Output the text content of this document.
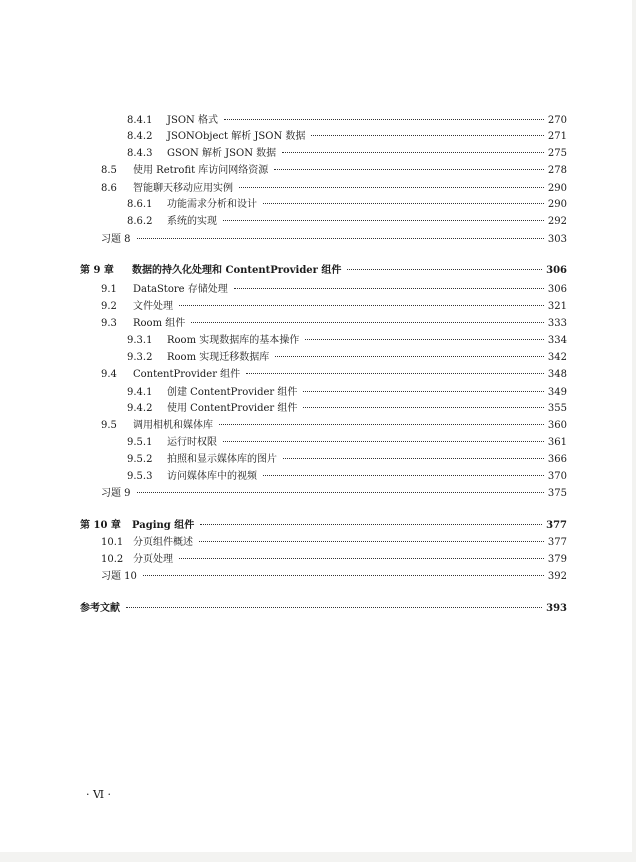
8.4.1	JSON 格式	270
8.4.2	JSONObject 解析 JSON 数据	271
8.4.3	GSON 解析 JSON 数据	275
8.5	使用 Retrofit 库访问网络资源	278
8.6	智能聊天移动应用实例	290
8.6.1	功能需求分析和设计	290
8.6.2	系统的实现	292
习题 8	303
第 9 章	数据的持久化处理和 ContentProvider 组件	306
9.1	DataStore 存储处理	306
9.2	文件处理	321
9.3	Room 组件	333
9.3.1	Room 实现数据库的基本操作	334
9.3.2	Room 实现迁移数据库	342
9.4	ContentProvider 组件	348
9.4.1	创建 ContentProvider 组件	349
9.4.2	使用 ContentProvider 组件	355
9.5	调用相机和媒体库	360
9.5.1	运行时权限	361
9.5.2	拍照和显示媒体库的图片	366
9.5.3	访问媒体库中的视频	370
习题 9	375
第 10 章	Paging 组件	377
10.1 分页组件概述	377
10.2 分页处理	379
习题 10	392
参考文献	393
· Ⅵ ·
